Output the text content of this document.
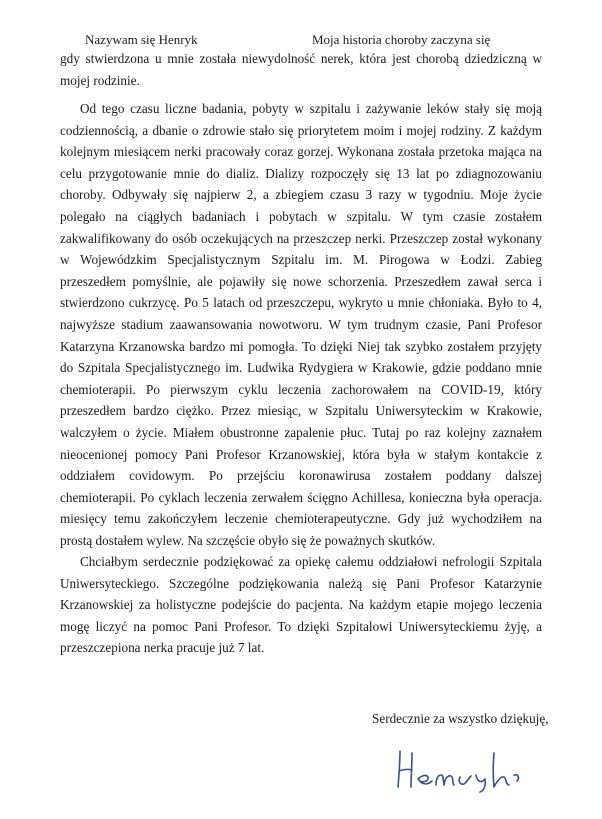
Nazywam się Henryk	Moja historia choroby zaczyna się

gdy stwierdzona u mnie została niewydolność nerek, która jest chorobą dziedziczną w mojej rodzinie.

Od tego czasu liczne badania, pobyty w szpitalu i zażywanie leków stały się moją codziennością, a dbanie o zdrowie stało się priorytetem moim i mojej rodziny. Z każdym kolejnym miesiącem nerki pracowały coraz gorzej. Wykonana została przetoka mająca na celu przygotowanie mnie do dializ. Dializy rozpoczęły się 13 lat po zdiagnozowaniu choroby. Odbywały się najpierw 2, a zbiegiem czasu 3 razy w tygodniu. Moje życie polegało na ciągłych badaniach i pobytach w szpitalu. W tym czasie zostałem zakwalifikowany do osób oczekujących na przeszczep nerki. Przeszczep został wykonany w Wojewódzkim Specjalistycznym Szpitalu im. M. Pirogowa w Łodzi. Zabieg przeszedłem pomyślnie, ale pojawiły się nowe schorzenia. Przeszedłem zawał serca i stwierdzono cukrzycę. Po 5 latach od przeszczepu, wykryto u mnie chłoniaka. Było to 4, najwyższe stadium zaawansowania nowotworu. W tym trudnym czasie, Pani Profesor Katarzyna Krzanowska bardzo mi pomogła. To dzięki Niej tak szybko zostałem przyjęty do Szpitala Specjalistycznego im. Ludwika Rydygiera w Krakowie, gdzie poddano mnie chemioterapii. Po pierwszym cyklu leczenia zachorowałem na COVID-19, który przeszedłem bardzo ciężko. Przez miesiąc, w Szpitalu Uniwersyteckim w Krakowie, walczyłem o życie. Miałem obustronne zapalenie płuc. Tutaj po raz kolejny zaznałem nieocenionej pomocy Pani Profesor Krzanowskiej, która była w stałym kontakcie z oddziałem covidowym. Po przejściu koronawirusa zostałem poddany dalszej chemioterapii. Po cyklach leczenia zerwałem ścięgno Achillesa, konieczna była operacja. miesięcy temu zakończyłem leczenie chemioterapeutyczne. Gdy już wychodziłem na prostą dostałem wylew. Na szczęście obyło się że poważnych skutków.

Chciałbym serdecznie podziękować za opiekę całemu oddziałowi nefrologii Szpitala Uniwersyteckiego. Szczególne podziękowania należą się Pani Profesor Katarzynie Krzanowskiej za holistyczne podejście do pacjenta. Na każdym etapie mojego leczenia mogę liczyć na pomoc Pani Profesor. To dzięki Szpitalowi Uniwersyteckiemu żyję, a przeszczepiona nerka pracuje już 7 lat.

Serdecznie za wszystko dziękuję,
